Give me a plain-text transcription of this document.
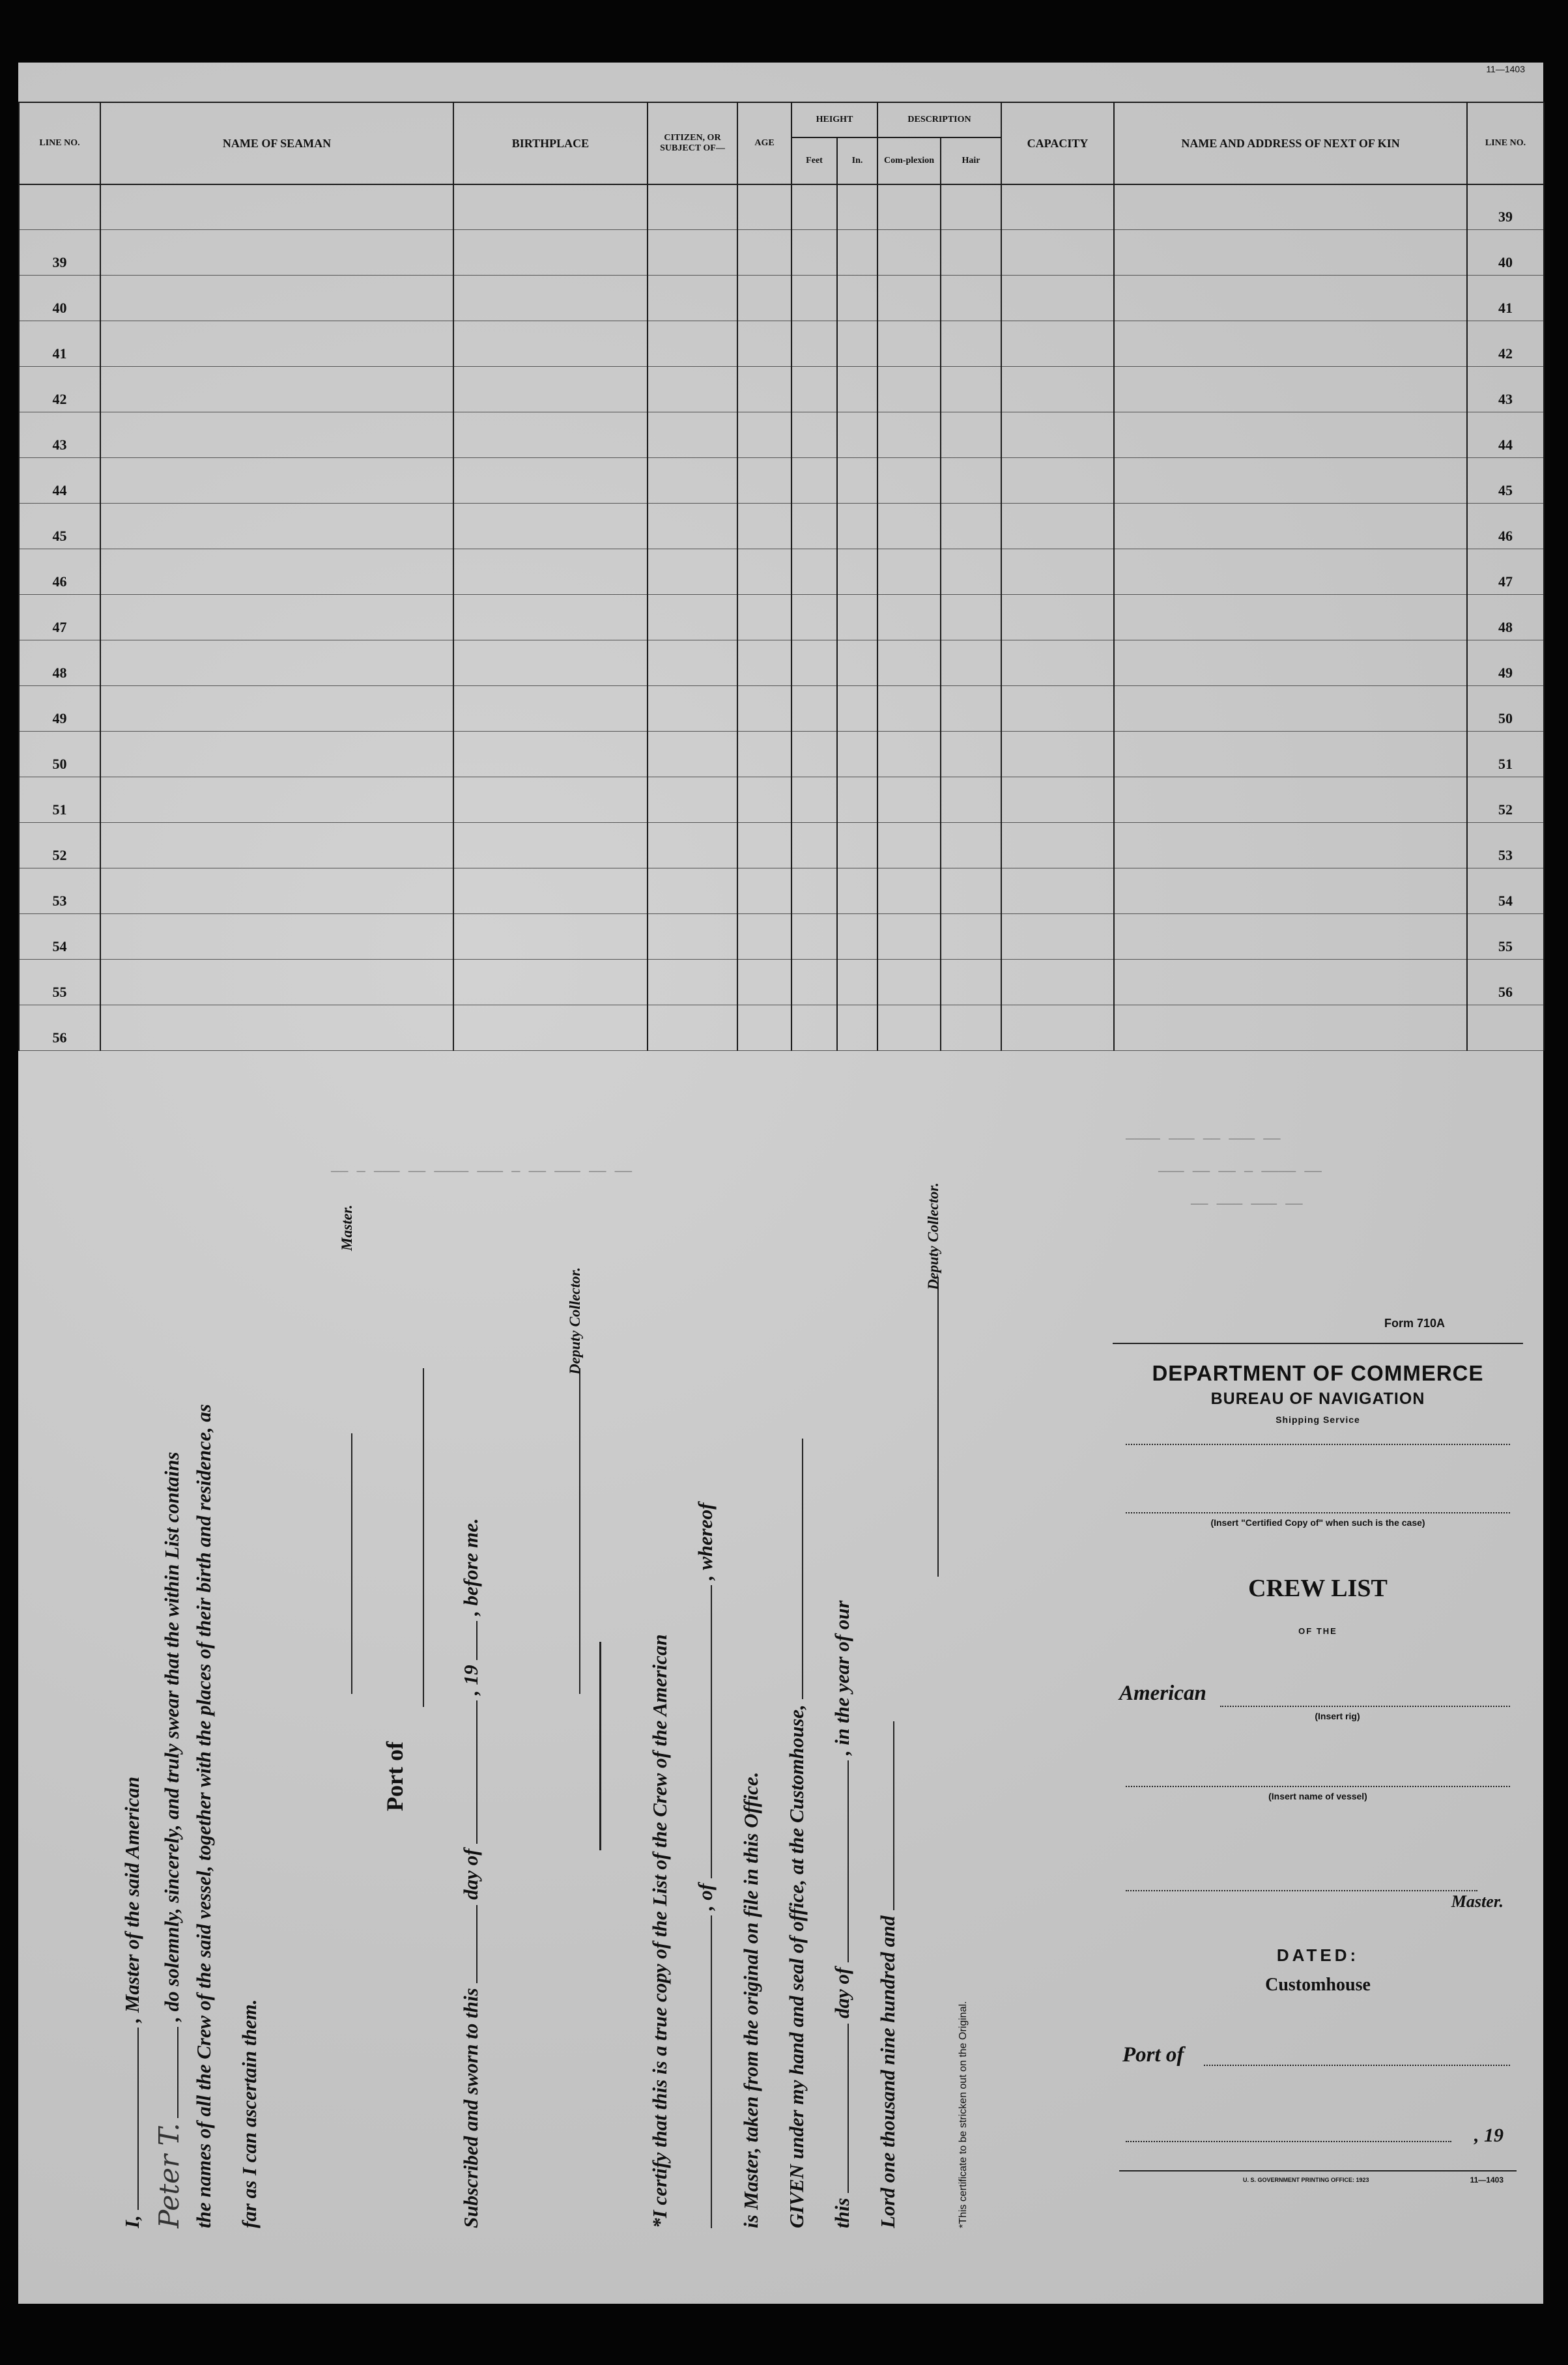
11—1403
LINE NO.	NAME OF SEAMAN	BIRTHPLACE	CITIZEN, OR SUBJECT OF—	AGE	HEIGHT		DESCRIPTION		CAPACITY	NAME AND ADDRESS OF NEXT OF KIN	LINE NO.
					Feet	In.	Com-plexion	Hair			
											39
39											40
40											41
41											42
42											43
43											44
44											45
45											46
46											47
47											48
48											49
49											50
50											51
51											52
52											53
53											54
54											55
55											56
56											
—— — ——— —— ———— ——— — —— ——— —— ——
———— ——— —— ——— ——
——— —— —— — ———— ——
—— ——— ——— ——
Form 710A
DEPARTMENT OF COMMERCE
BUREAU OF NAVIGATION
Shipping Service
(Insert "Certified Copy of" when such is the case)
CREW LIST
OF THE
American
(Insert rig)
(Insert name of vessel)
Master.
DATED:
Customhouse
Port of
, 19
U. S. GOVERNMENT PRINTING OFFICE: 1923	11—1403
I,  , Master of the said American
Peter T.  , do solemnly, sincerely, and truly swear that the within List contains the names of all the Crew of the said vessel, together with the places of their birth and residence, as far as I can ascertain them.
Master.
Port of
Subscribed and sworn to this  day of  , 19  , before me.
Deputy Collector.
*I certify that this is a true copy of the List of the Crew of the American , of  , whereof
is Master, taken from the original on file in this Office. GIVEN under my hand and seal of office, at the Customhouse, this  day of  , in the year of our
Lord one thousand nine hundred and
Deputy Collector.
*This certificate to be stricken out on the Original.
